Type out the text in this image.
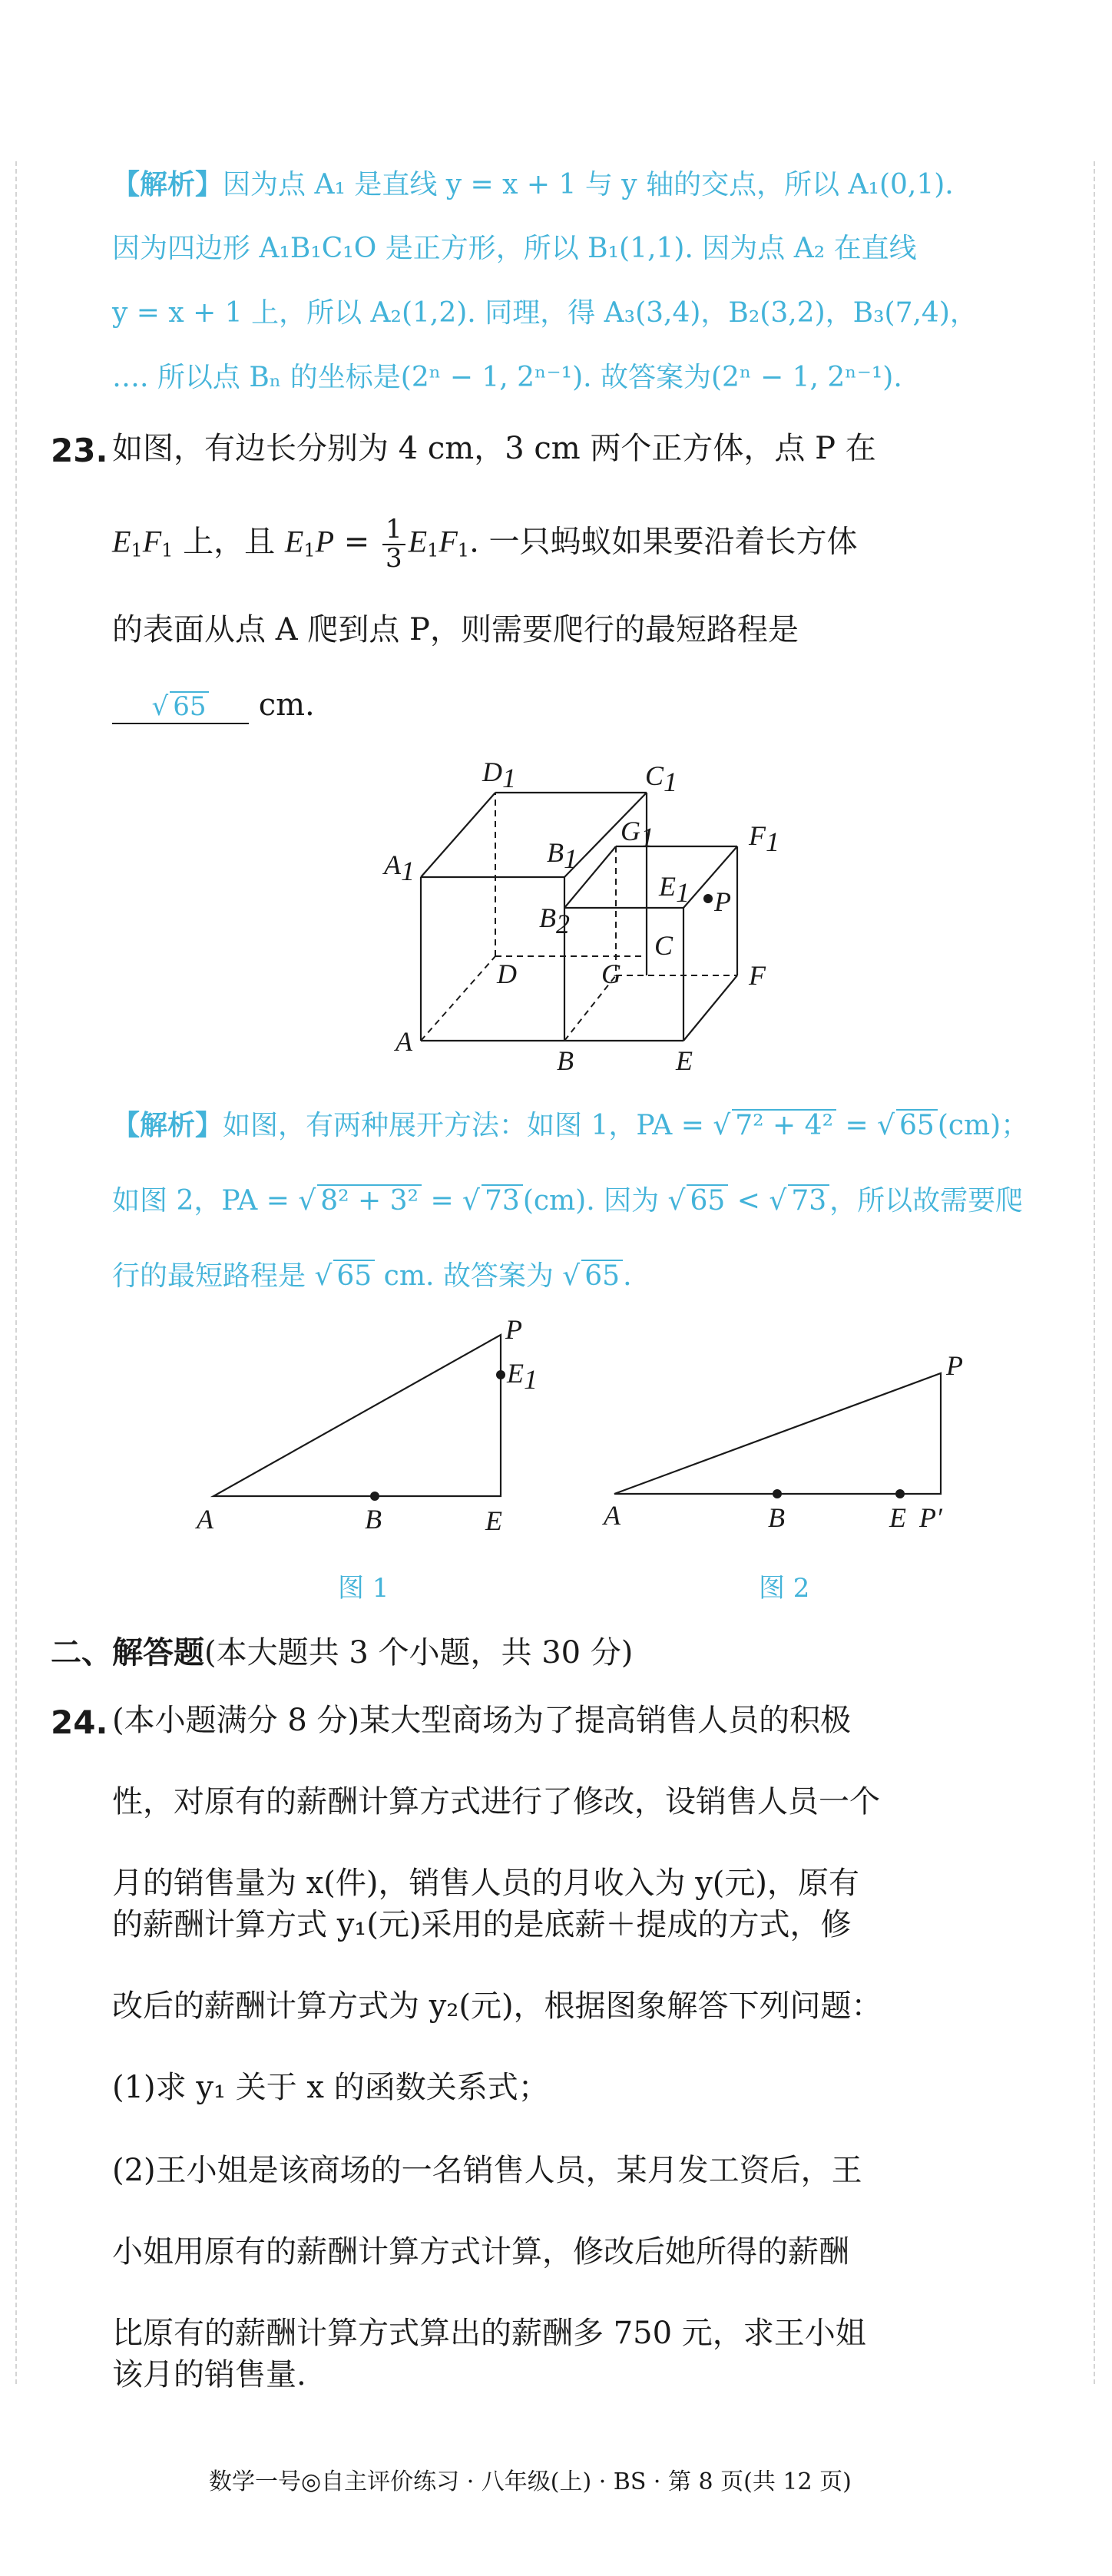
【解析】因为点 A₁ 是直线 y = x + 1 与 y 轴的交点，所以 A₁(0,1).
因为四边形 A₁B₁C₁O 是正方形，所以 B₁(1,1). 因为点 A₂ 在直线
y = x + 1 上，所以 A₂(1,2). 同理，得 A₃(3,4)，B₂(3,2)，B₃(7,4)，
…. 所以点 Bₙ 的坐标是(2ⁿ − 1, 2ⁿ⁻¹). 故答案为(2ⁿ − 1, 2ⁿ⁻¹).
23. 如图，有边长分别为 4 cm，3 cm 两个正方体，点 P 在
$E_1F_1$ 上，且 $E_1P = \frac{1}{3} E_1F_1$. 一只蚂蚁如果要沿着长方体
的表面从点 A 爬到点 P，则需要爬行的最短路程是
√ 65 cm.
D1	C1
F1
A1
B1
G1
E1 P
B2
C
D	G	F
A
B	E
【解析】如图，有两种展开方法：如图 1，PA = √ 7² + 4² = √ 65 (cm)；
如图 2，PA = √ 8² + 3² = √ 73 (cm). 因为 √ 65 < √ 73 ，所以故需要爬
行的最短路程是 √ 65 cm. 故答案为 √ 65 .
P
E1
A	B	E
图 1
P
A	B	E P′
图 2
二、解答题(本大题共 3 个小题，共 30 分)
24. (本小题满分 8 分)某大型商场为了提高销售人员的积极
性，对原有的薪酬计算方式进行了修改，设销售人员一个
月的销售量为 x(件)，销售人员的月收入为 y(元)，原有
的薪酬计算方式 y₁(元)采用的是底薪＋提成的方式，修
改后的薪酬计算方式为 y₂(元)，根据图象解答下列问题：
(1)求 y₁ 关于 x 的函数关系式；
(2)王小姐是该商场的一名销售人员，某月发工资后，王
小姐用原有的薪酬计算方式计算，修改后她所得的薪酬
比原有的薪酬计算方式算出的薪酬多 750 元，求王小姐
该月的销售量.
数学一号◎自主评价练习 · 八年级(上) · BS · 第 8 页(共 12 页)
